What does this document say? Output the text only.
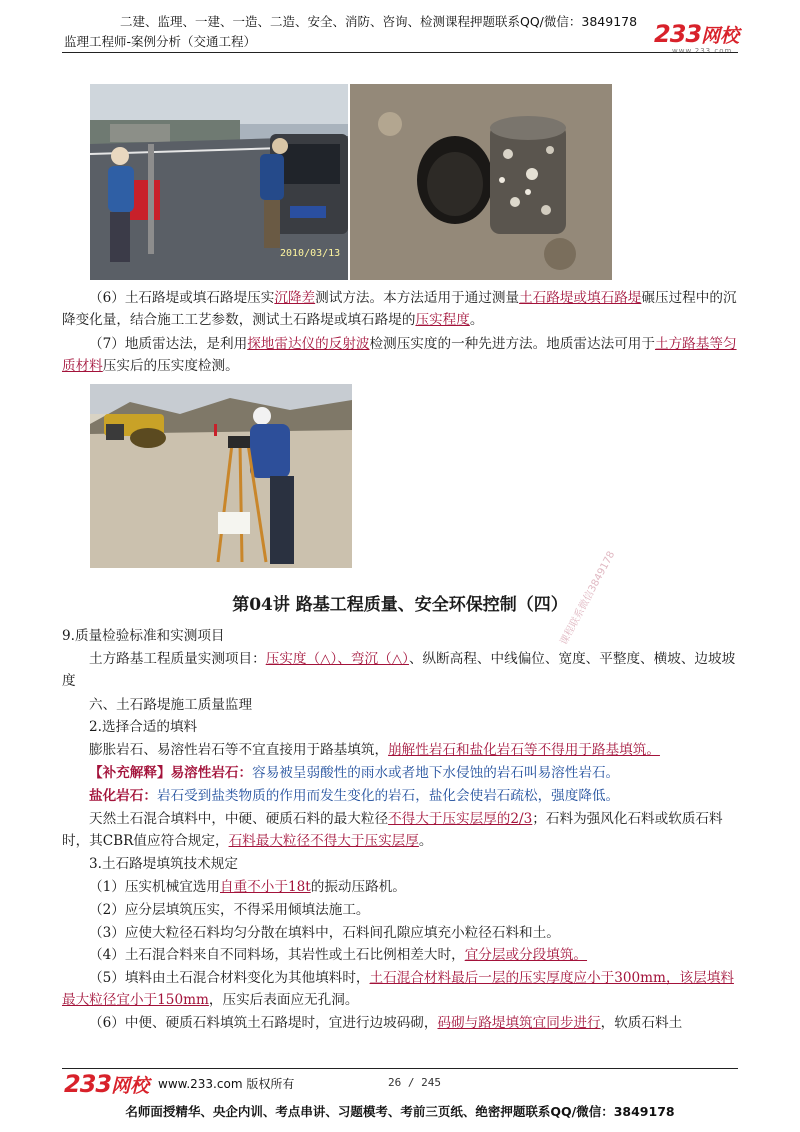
二建、监理、一建、一造、二造、安全、消防、咨询、检测课程押题联系QQ/微信：3849178
监理工程师-案例分析（交通工程）	233网校
www.233.com
2010/03/13
（6）土石路堤或填石路堤压实沉降差测试方法。本方法适用于通过测量土石路堤或填石路堤碾压过程中的沉降变化量，结合施工工艺参数，测试土石路堤或填石路堤的压实程度。
（7）地质雷达法，是利用探地雷达仪的反射波检测压实度的一种先进方法。地质雷达法可用于土方路基等匀质材料压实后的压实度检测。
第04讲 路基工程质量、安全环保控制（四）
9.质量检验标准和实测项目
土方路基工程质量实测项目：压实度（△）、弯沉（△）、纵断高程、中线偏位、宽度、平整度、横坡、边坡坡度
六、土石路堤施工质量监理
2.选择合适的填料
膨胀岩石、易溶性岩石等不宜直接用于路基填筑，崩解性岩石和盐化岩石等不得用于路基填筑。
【补充解释】易溶性岩石：容易被呈弱酸性的雨水或者地下水侵蚀的岩石叫易溶性岩石。
盐化岩石：岩石受到盐类物质的作用而发生变化的岩石，盐化会使岩石疏松，强度降低。
天然土石混合填料中，中硬、硬质石料的最大粒径不得大于压实层厚的2/3；石料为强风化石料或软质石料时，其CBR值应符合规定，石料最大粒径不得大于压实层厚。
3.土石路堤填筑技术规定
（1）压实机械宜选用自重不小于18t的振动压路机。
（2）应分层填筑压实，不得采用倾填法施工。
（3）应使大粒径石料均匀分散在填料中，石料间孔隙应填充小粒径石料和土。
（4）土石混合料来自不同料场，其岩性或土石比例相差大时，宜分层或分段填筑。
（5）填料由土石混合材料变化为其他填料时，土石混合材料最后一层的压实厚度应小于300mm，该层填料最大粒径宜小于150mm，压实后表面应无孔洞。
（6）中便、硬质石料填筑土石路堤时，宜进行边坡码砌，码砌与路堤填筑宜同步进行，软质石料土
课程联系微信3849178
233网校 www.233.com 版权所有	26 / 245
名师面授精华、央企内训、考点串讲、习题模考、考前三页纸、绝密押题联系QQ/微信：3849178
